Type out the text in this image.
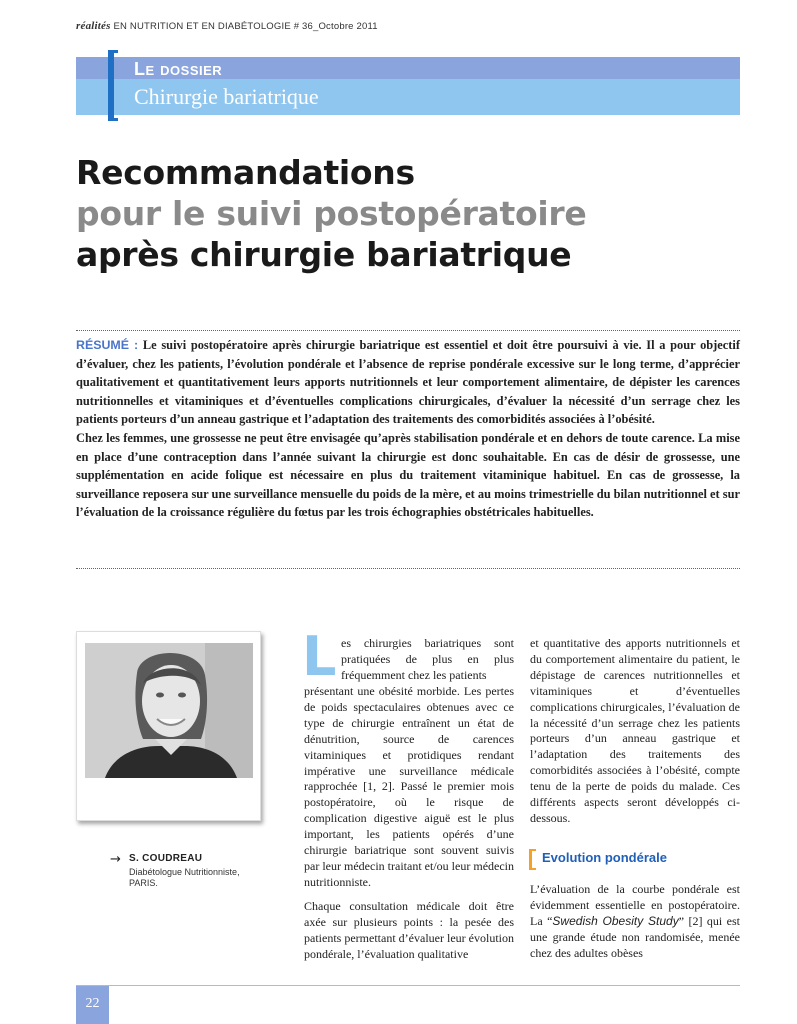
réalités EN NUTRITION ET EN DIABÉTOLOGIE # 36_Octobre 2011
Le dossier
Chirurgie bariatrique
Recommandations
pour le suivi postopératoire
après chirurgie bariatrique

RÉSUMÉ : Le suivi postopératoire après chirurgie bariatrique est essentiel et doit être poursuivi à vie. Il a pour objectif d’évaluer, chez les patients, l’évolution pondérale et l’absence de reprise pondérale excessive sur le long terme, d’apprécier qualitativement et quantitativement leurs apports nutritionnels et leur comportement alimentaire, de dépister les carences nutritionnelles et vitaminiques et d’éventuelles complications chirurgicales, d’évaluer la nécessité d’un serrage chez les patients porteurs d’un anneau gastrique et l’adaptation des traitements des comorbidités associées à l’obésité.

Chez les femmes, une grossesse ne peut être envisagée qu’après stabilisation pondérale et en dehors de toute carence. La mise en place d’une contraception dans l’année suivant la chirurgie est donc souhaitable. En cas de désir de grossesse, une supplémentation en acide folique est nécessaire en plus du traitement vitaminique habituel. En cas de grossesse, la surveillance reposera sur une surveillance mensuelle du poids de la mère, et au moins trimestrielle du bilan nutritionnel et sur l’évaluation de la croissance régulière du fœtus par les trois échographies obstétricales habituelles.

→ S. COUDREAU
Diabétologue Nutritionniste,
PARIS.
L es chirurgies bariatriques sont pratiquées de plus en plus fréquemment chez les patients

présentant une obésité morbide. Les pertes de poids spectaculaires obtenues avec ce type de chirurgie entraînent un état de dénutrition, source de carences vitaminiques et protidiques rendant impérative une surveillance médicale rapprochée [1, 2]. Passé le premier mois postopératoire, où le risque de complication digestive aiguë est le plus important, les patients opérés d’une chirurgie bariatrique sont souvent suivis par leur médecin traitant et/ou leur médecin nutritionniste.

Chaque consultation médicale doit être axée sur plusieurs points : la pesée des patients permettant d’évaluer leur évolution pondérale, l’évaluation qualitative

et quantitative des apports nutritionnels et du comportement alimentaire du patient, le dépistage de carences nutritionnelles et vitaminiques et d’éventuelles complications chirurgicales, l’évaluation de la nécessité d’un serrage chez les patients porteurs d’un anneau gastrique et l’adaptation des traitements des comorbidités associées à l’obésité, compte tenu de la perte de poids du malade. Ces différents aspects seront développés ci-dessous.

Evolution pondérale

L’évaluation de la courbe pondérale est évidemment essentielle en postopératoire. La “Swedish Obesity Study” [2] qui est une grande étude non randomisée, menée chez des adultes obèses

22
